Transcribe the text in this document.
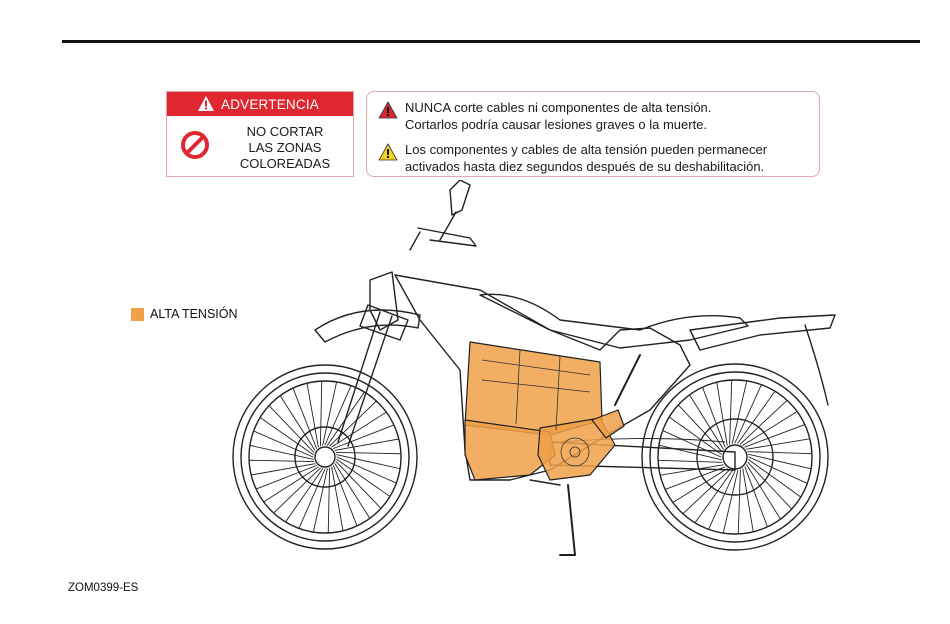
ADVERTENCIA
NO CORTAR
LAS ZONAS
COLOREADAS
NUNCA corte cables ni componentes de alta tensión.
Cortarlos podría causar lesiones graves o la muerte.
Los componentes y cables de alta tensión pueden permanecer
activados hasta diez segundos después de su deshabilitación.
ALTA TENSIÓN
ZOM0399-ES
